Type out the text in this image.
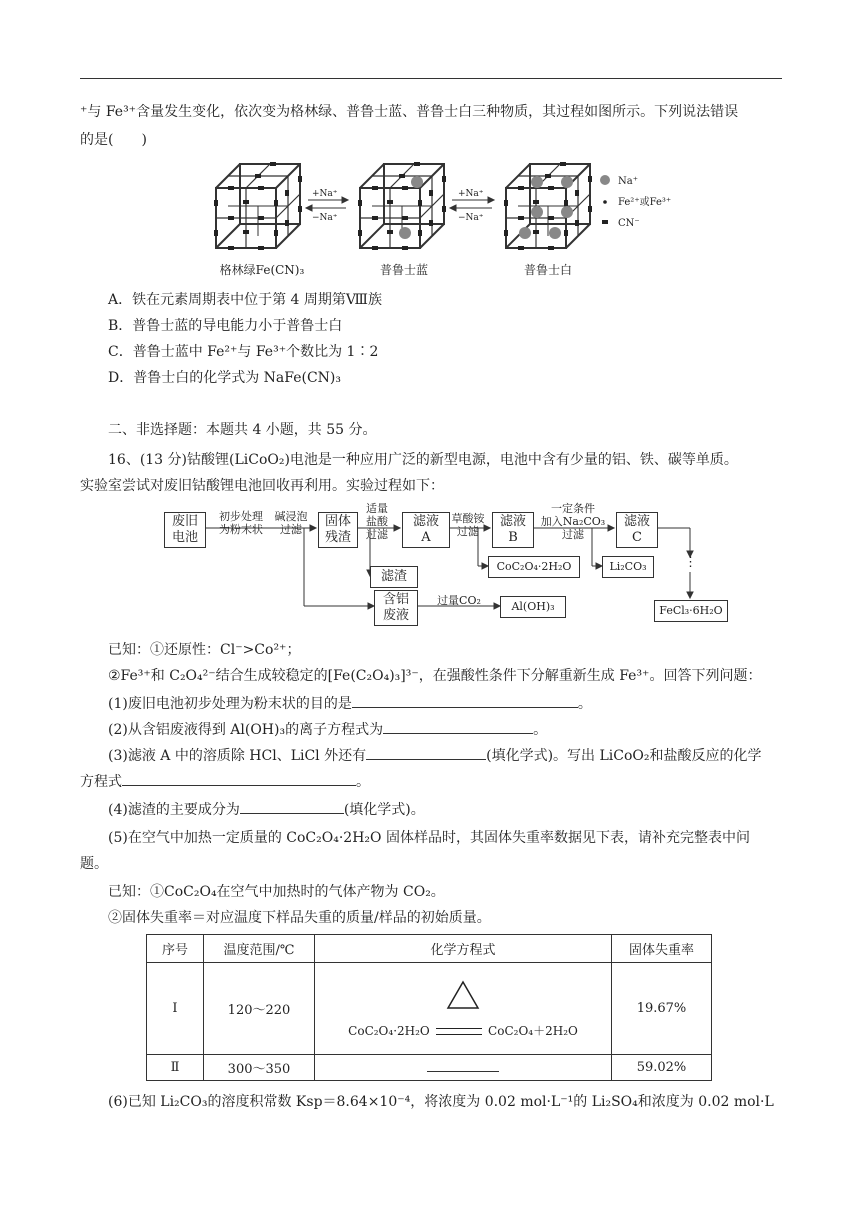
⁺与 Fe³⁺含量发生变化，依次变为格林绿、普鲁士蓝、普鲁士白三种物质，其过程如图所示。下列说法错误
的是(　　)
+Na⁺
−Na⁺
+Na⁺
−Na⁺
Na⁺
Fe²⁺或Fe³⁺
CN⁻
格林绿Fe(CN)₃	普鲁士蓝	普鲁士白
A．铁在元素周期表中位于第 4 周期第Ⅷ族
B．普鲁士蓝的导电能力小于普鲁士白
C．普鲁士蓝中 Fe²⁺与 Fe³⁺个数比为 1∶2
D．普鲁士白的化学式为 NaFe(CN)₃
二、非选择题：本题共 4 小题，共 55 分。
16、(13 分)钴酸锂(LiCoO₂)电池是一种应用广泛的新型电源，电池中含有少量的铝、铁、碳等单质。
实验室尝试对废旧钴酸锂电池回收再利用。实验过程如下：
废旧
电池
初步处理
为粉末状
碱浸泡
过滤
固体
残渣
适量
盐酸
过滤
滤液
A
草酸铵
过滤
滤液
B
一定条件
加入Na₂CO₃
过滤
滤液
C
滤渣
含铝
废液
过量CO₂
CoC₂O₄·2H₂O	Li₂CO₃
Al(OH)₃
⋮
FeCl₃·6H₂O
已知：①还原性：Cl⁻>Co²⁺；
②Fe³⁺和 C₂O₄²⁻结合生成较稳定的[Fe(C₂O₄)₃]³⁻，在强酸性条件下分解重新生成 Fe³⁺。回答下列问题：
(1)废旧电池初步处理为粉末状的目的是	。
(2)从含铝废液得到 Al(OH)₃的离子方程式为	。
(3)滤液 A 中的溶质除 HCl、LiCl 外还有	(填化学式)。写出 LiCoO₂和盐酸反应的化学
方程式	。
(4)滤渣的主要成分为	(填化学式)。
(5)在空气中加热一定质量的 CoC₂O₄·2H₂O 固体样品时，其固体失重率数据见下表，请补充完整表中问
题。
已知：①CoC₂O₄在空气中加热时的气体产物为 CO₂。
②固体失重率＝对应温度下样品失重的质量/样品的初始质量。
序号	温度范围/℃	化学方程式	固体失重率
Ⅰ	120～220	CoC₂O₄·2H₂O CoC₂O₄＋2H₂O	19.67%
Ⅱ	300～350		59.02%
(6)已知 Li₂CO₃的溶度积常数 Ksp＝8.64×10⁻⁴，将浓度为 0.02 mol·L⁻¹的 Li₂SO₄和浓度为 0.02 mol·L
